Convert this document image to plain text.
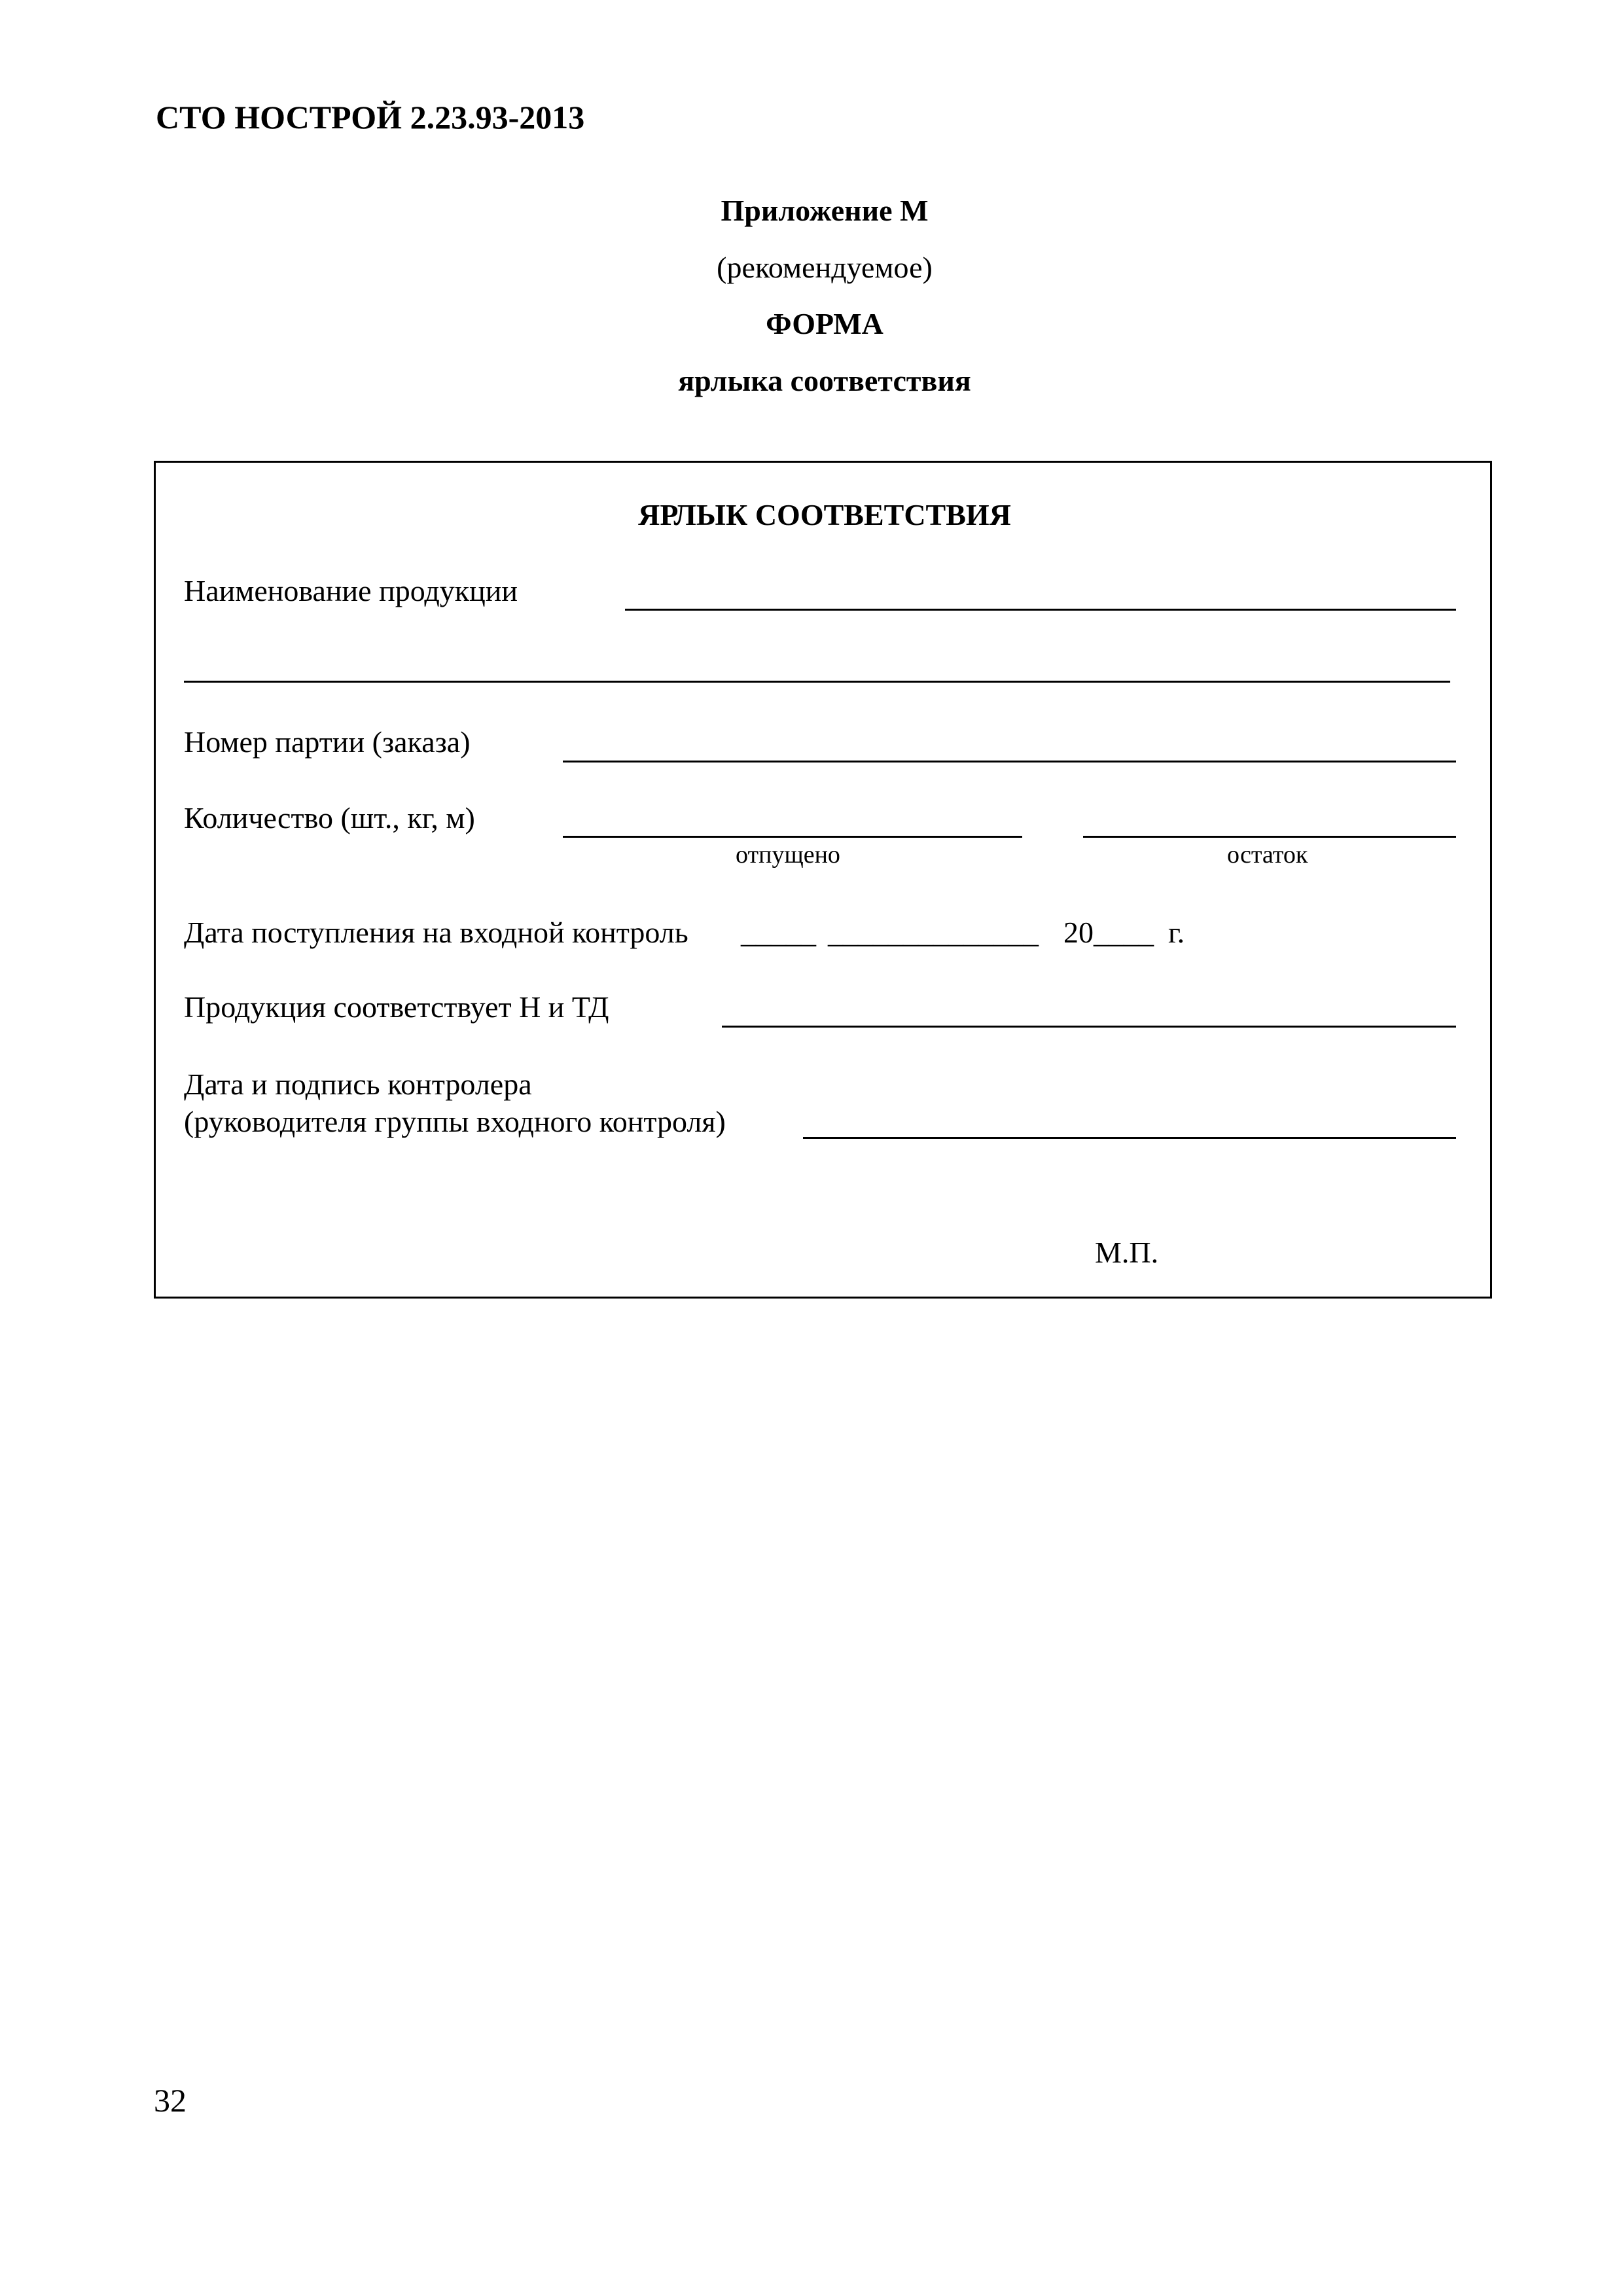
СТО НОСТРОЙ 2.23.93-2013
Приложение М
(рекомендуемое)
ФОРМА
ярлыка соответствия
ЯРЛЫК СООТВЕТСТВИЯ
Наименование продукции
Номер партии (заказа)
Количество (шт., кг, м)
отпущено	остаток
Дата поступления на входной контроль _____ ______________ 20____ г.
Продукция соответствует Н и ТД
Дата и подпись контролера
(руководителя группы входного контроля)
М.П.
32
